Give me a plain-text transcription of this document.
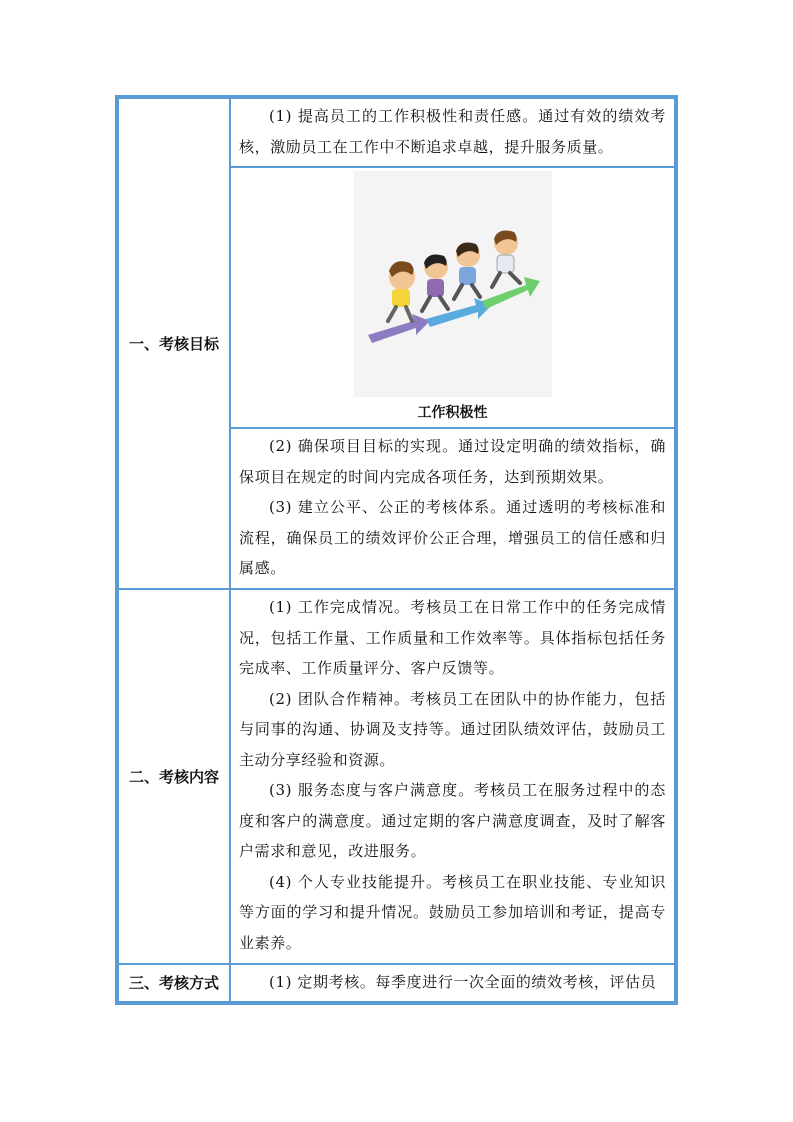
一、考核目标	(1) 提高员工的工作积极性和责任感。通过有效的绩效考核，激励员工在工作中不断追求卓越，提升服务质量。

	工作积极性

	(2) 确保项目目标的实现。通过设定明确的绩效指标，确保项目在规定的时间内完成各项任务，达到预期效果。

(3) 建立公平、公正的考核体系。通过透明的考核标准和流程，确保员工的绩效评价公正合理，增强员工的信任感和归属感。

二、考核内容	(1) 工作完成情况。考核员工在日常工作中的任务完成情况，包括工作量、工作质量和工作效率等。具体指标包括任务完成率、工作质量评分、客户反馈等。

(2) 团队合作精神。考核员工在团队中的协作能力，包括与同事的沟通、协调及支持等。通过团队绩效评估，鼓励员工主动分享经验和资源。

(3) 服务态度与客户满意度。考核员工在服务过程中的态度和客户的满意度。通过定期的客户满意度调查，及时了解客户需求和意见，改进服务。

(4) 个人专业技能提升。考核员工在职业技能、专业知识等方面的学习和提升情况。鼓励员工参加培训和考证，提高专业素养。

三、考核方式	(1) 定期考核。每季度进行一次全面的绩效考核，评估员
